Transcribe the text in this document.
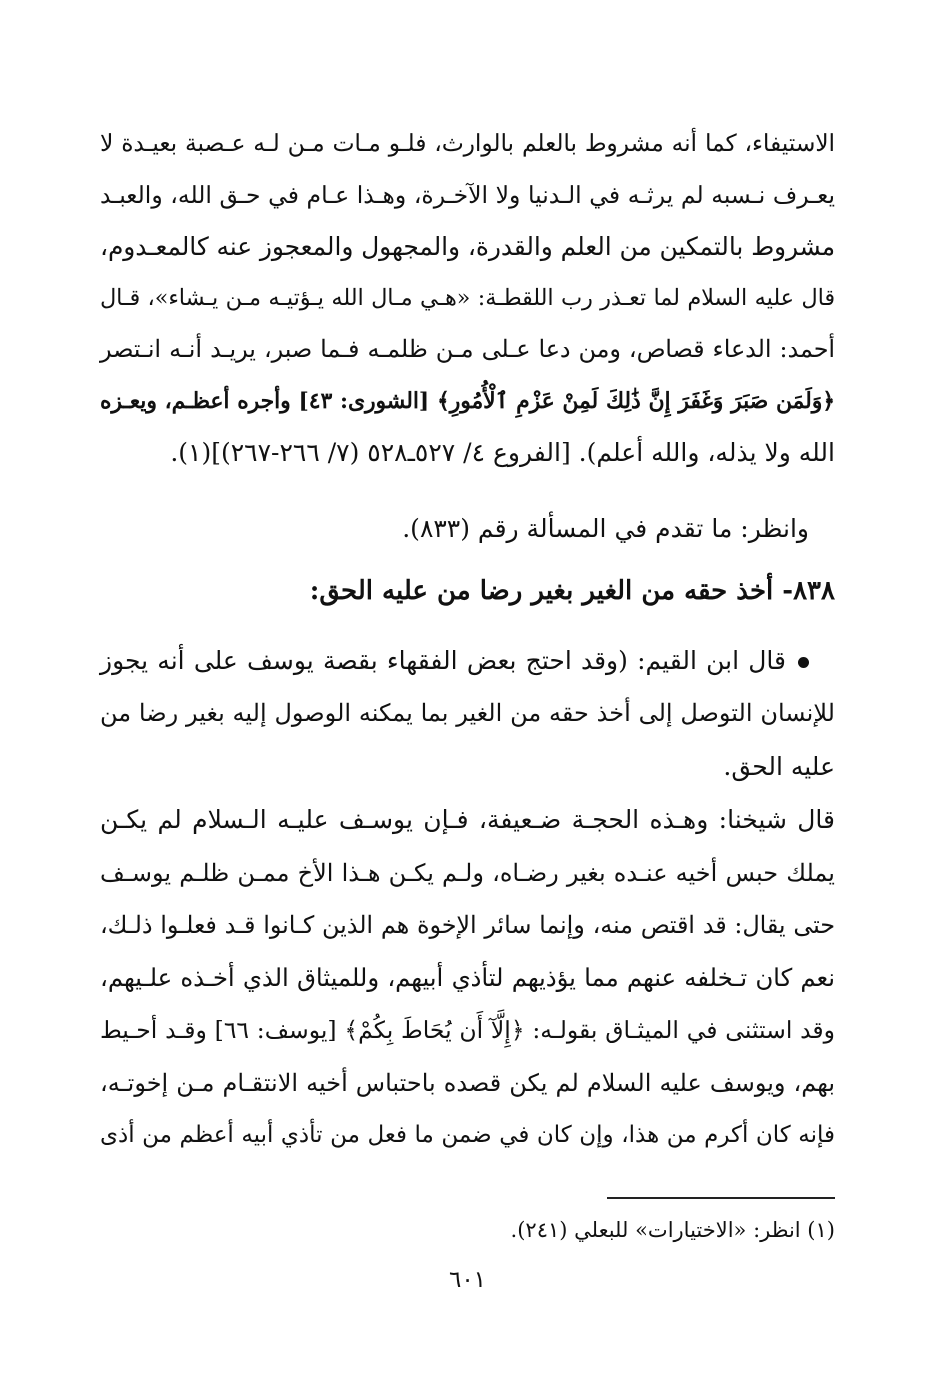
الاستيفاء، كما أنه مشروط بالعلم بالوارث، فلـو مـات مـن لـه عـصبة بعيـدة لا
يعـرف نـسبه لم يرثـه في الـدنيا ولا الآخـرة، وهـذا عـام في حـق الله، والعبـد
مشروط بالتمكين من العلم والقدرة، والمجهول والمعجوز عنه كالمعـدوم،
قال عليه السلام لما تعـذر رب اللقطـة: «هـي مـال الله يـؤتيـه مـن يـشاء»، قـال
أحمد: الدعاء قصاص، ومن دعا عـلى مـن ظلمـه فـما صبر، يريـد أنـه انـتصر
﴿وَلَمَن صَبَرَ وَغَفَرَ إِنَّ ذَٰلِكَ لَمِنْ عَزْمِ ٱلْأُمُورِ﴾ [الشورى: ٤٣] وأجره أعظـم، ويعـزه
الله ولا يذله، والله أعلم). [الفروع ٤/ ٥٢٧ـ٥٢٨ (٧/ ٢٦٦-٢٦٧)](١).
وانظر: ما تقدم في المسألة رقم (٨٣٣).
٨٣٨- أخذ حقه من الغير بغير رضا من عليه الحق:
قال ابن القيم: (وقد احتج بعض الفقهاء بقصة يوسف على أنه يجوز
للإنسان التوصل إلى أخذ حقه من الغير بما يمكنه الوصول إليه بغير رضا من
عليه الحق.
قال شيخنا: وهـذه الحجـة ضـعيفة، فـإن يوسـف عليـه الـسلام لم يكـن
يملك حبس أخيه عنـده بغير رضـاه، ولـم يكـن هـذا الأخ ممـن ظلـم يوسـف
حتى يقال: قد اقتص منه، وإنما سائر الإخوة هم الذين كـانوا قـد فعلـوا ذلـك،
نعم كان تـخلفه عنهم مما يؤذيهم لتأذي أبيهم، وللميثاق الذي أخـذه علـيهم،
وقد استثنى في الميثـاق بقولـه: ﴿إِلَّآ أَن يُحَاطَ بِكُمْ﴾ [يوسف: ٦٦] وقـد أحـيط
بهم، ويوسف عليه السلام لم يكن قصده باحتباس أخيه الانتقـام مـن إخوتـه،
فإنه كان أكرم من هذا، وإن كان في ضمن ما فعل من تأذي أبيه أعظم من أذى
(١) انظر: «الاختيارات» للبعلي (٢٤١).
٦٠١
